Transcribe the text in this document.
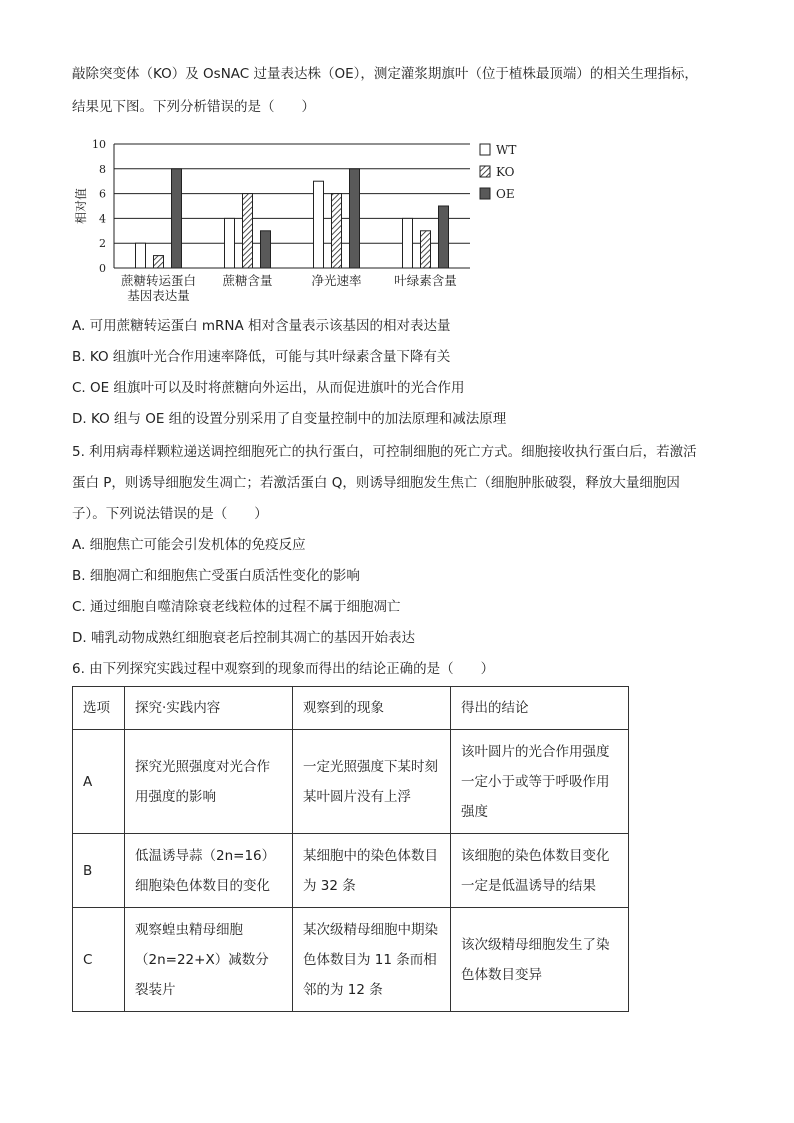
敲除突变体（KO）及 OsNAC 过量表达株（OE），测定灌浆期旗叶（位于植株最顶端）的相关生理指标，
结果见下图。下列分析错误的是（　　）
0
2
4
6
8
10
相对值
蔗糖转运蛋白
基因表达量
蔗糖含量	净光速率	叶绿素含量
WT
KO
OE
A. 可用蔗糖转运蛋白 mRNA 相对含量表示该基因的相对表达量
B. KO 组旗叶光合作用速率降低，可能与其叶绿素含量下降有关
C. OE 组旗叶可以及时将蔗糖向外运出，从而促进旗叶的光合作用
D. KO 组与 OE 组的设置分别采用了自变量控制中的加法原理和减法原理
5. 利用病毒样颗粒递送调控细胞死亡的执行蛋白，可控制细胞的死亡方式。细胞接收执行蛋白后，若激活
蛋白 P，则诱导细胞发生凋亡；若激活蛋白 Q，则诱导细胞发生焦亡（细胞肿胀破裂，释放大量细胞因
子）。下列说法错误的是（　　）
A. 细胞焦亡可能会引发机体的免疫反应
B. 细胞凋亡和细胞焦亡受蛋白质活性变化的影响
C. 通过细胞自噬清除衰老线粒体的过程不属于细胞凋亡
D. 哺乳动物成熟红细胞衰老后控制其凋亡的基因开始表达
6. 由下列探究实践过程中观察到的现象而得出的结论正确的是（　　）
选项	探究·实践内容	观察到的现象	得出的结论
A	探究光照强度对光合作用强度的影响	一定光照强度下某时刻某叶圆片没有上浮	该叶圆片的光合作用强度一定小于或等于呼吸作用强度
B	低温诱导蒜（2n=16）细胞染色体数目的变化	某细胞中的染色体数目为 32 条	该细胞的染色体数目变化一定是低温诱导的结果
C	观察蝗虫精母细胞（2n=22+X）减数分裂装片	某次级精母细胞中期染色体数目为 11 条而相邻的为 12 条	该次级精母细胞发生了染色体数目变异
